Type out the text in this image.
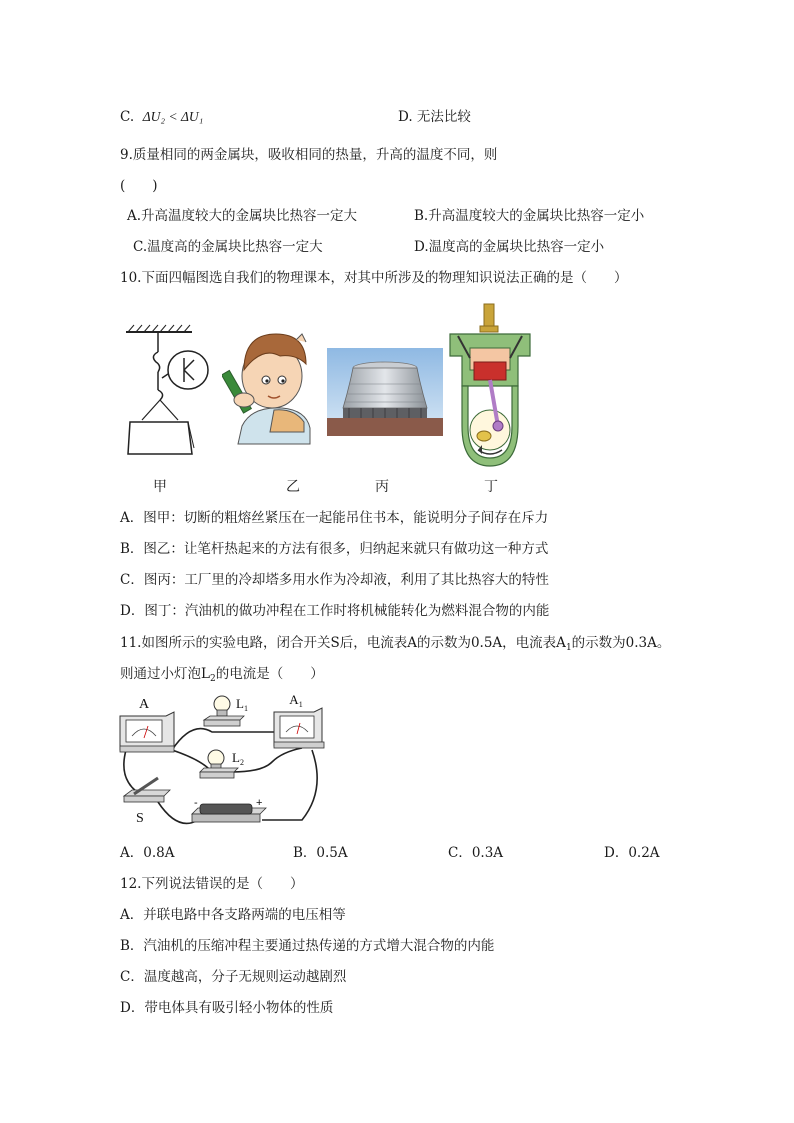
C. ΔU₂ < ΔU₁	D. 无法比较
9.质量相同的两金属块，吸收相同的热量，升高的温度不同，则
(　　)
A.升高温度较大的金属块比热容一定大	B.升高温度较大的金属块比热容一定小
C.温度高的金属块比热容一定大	D.温度高的金属块比热容一定小
10.下面四幅图选自我们的物理课本，对其中所涉及的物理知识说法正确的是（　　）
甲	乙	丙	丁
A．图甲：切断的粗熔丝紧压在一起能吊住书本，能说明分子间存在斥力
B．图乙：让笔杆热起来的方法有很多，归纳起来就只有做功这一种方式
C．图丙：工厂里的冷却塔多用水作为冷却液，利用了其比热容大的特性
D．图丁：汽油机的做功冲程在工作时将机械能转化为燃料混合物的内能
11.如图所示的实验电路，闭合开关S后，电流表A的示数为0.5A，电流表$A_1$的示数为0.3A。
则通过小灯泡$L_2$的电流是（　　）
A	$L_1$
$A_1$
$L_2$
S
-	+
A．0.8A	B．0.5A	C．0.3A	D．0.2A
12.下列说法错误的是（　　）
A．并联电路中各支路两端的电压相等
B．汽油机的压缩冲程主要通过热传递的方式增大混合物的内能
C．温度越高，分子无规则运动越剧烈
D．带电体具有吸引轻小物体的性质
